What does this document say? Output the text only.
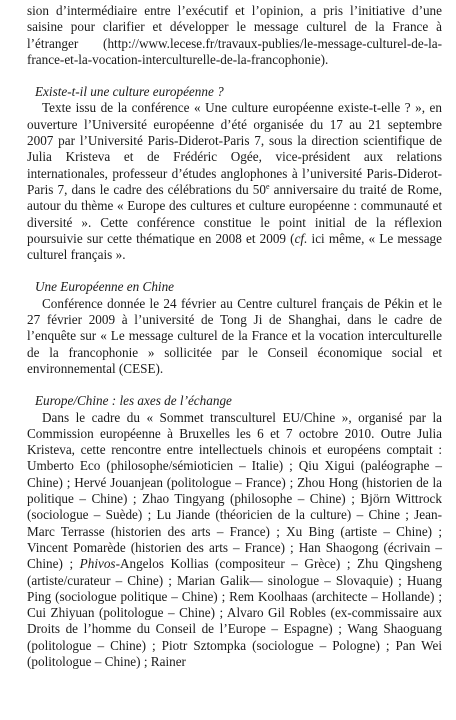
sion d’intermédiaire entre l’exécutif et l’opinion, a pris l’initiative d’une saisine pour clarifier et développer le message culturel de la France à l’étranger (http://www.lecese.fr/travaux-publies/le-message-culturel-de-la-france-et-la-vocation-interculturelle-de-la-francophonie).

Existe-t-il une culture européenne ?

Texte issu de la conférence « Une culture européenne existe-t-elle ? », en ouverture l’Université européenne d’été organisée du 17 au 21 septembre 2007 par l’Université Paris-Diderot-Paris 7, sous la direction scientifique de Julia Kristeva et de Frédéric Ogée, vice-président aux relations internationales, professeur d’études anglophones à l’université Paris-Diderot-Paris 7, dans le cadre des célébrations du 50e anniversaire du traité de Rome, autour du thème « Europe des cultures et culture européenne : communauté et diversité ». Cette conférence constitue le point initial de la réflexion poursuivie sur cette thématique en 2008 et 2009 (cf. ici même, « Le message culturel français ».

Une Européenne en Chine

Conférence donnée le 24 février au Centre culturel français de Pékin et le 27 février 2009 à l’université de Tong Ji de Shanghai, dans le cadre de l’enquête sur « Le message culturel de la France et la vocation interculturelle de la francophonie » sollicitée par le Conseil économique social et environnemental (CESE).

Europe/Chine : les axes de l’échange

Dans le cadre du « Sommet transculturel EU/Chine », organisé par la Commission européenne à Bruxelles les 6 et 7 octobre 2010. Outre Julia Kristeva, cette rencontre entre intellectuels chinois et européens comptait : Umberto Eco (philosophe/sémioticien – Italie) ; Qiu Xigui (paléographe – Chine) ; Hervé Jouanjean (politologue – France) ; Zhou Hong (historien de la politique – Chine) ; Zhao Tingyang (philosophe – Chine) ; Björn Wittrock (sociologue – Suède) ; Lu Jiande (théoricien de la culture) – Chine ; Jean-Marc Terrasse (historien des arts – France) ; Xu Bing (artiste – Chine) ; Vincent Pomarède (historien des arts – France) ; Han Shaogong (écrivain – Chine) ; Phivos-Angelos Kollias (compositeur – Grèce) ; Zhu Qingsheng (artiste/curateur – Chine) ; Marian Galik— sinologue – Slovaquie) ; Huang Ping (sociologue politique – Chine) ; Rem Koolhaas (architecte – Hollande) ; Cui Zhiyuan (politologue – Chine) ; Alvaro Gil Robles (ex-commissaire aux Droits de l’homme du Conseil de l’Europe – Espagne) ; Wang Shaoguang (politologue – Chine) ; Piotr Sztompka (sociologue – Pologne) ; Pan Wei (politologue – Chine) ; Rainer
